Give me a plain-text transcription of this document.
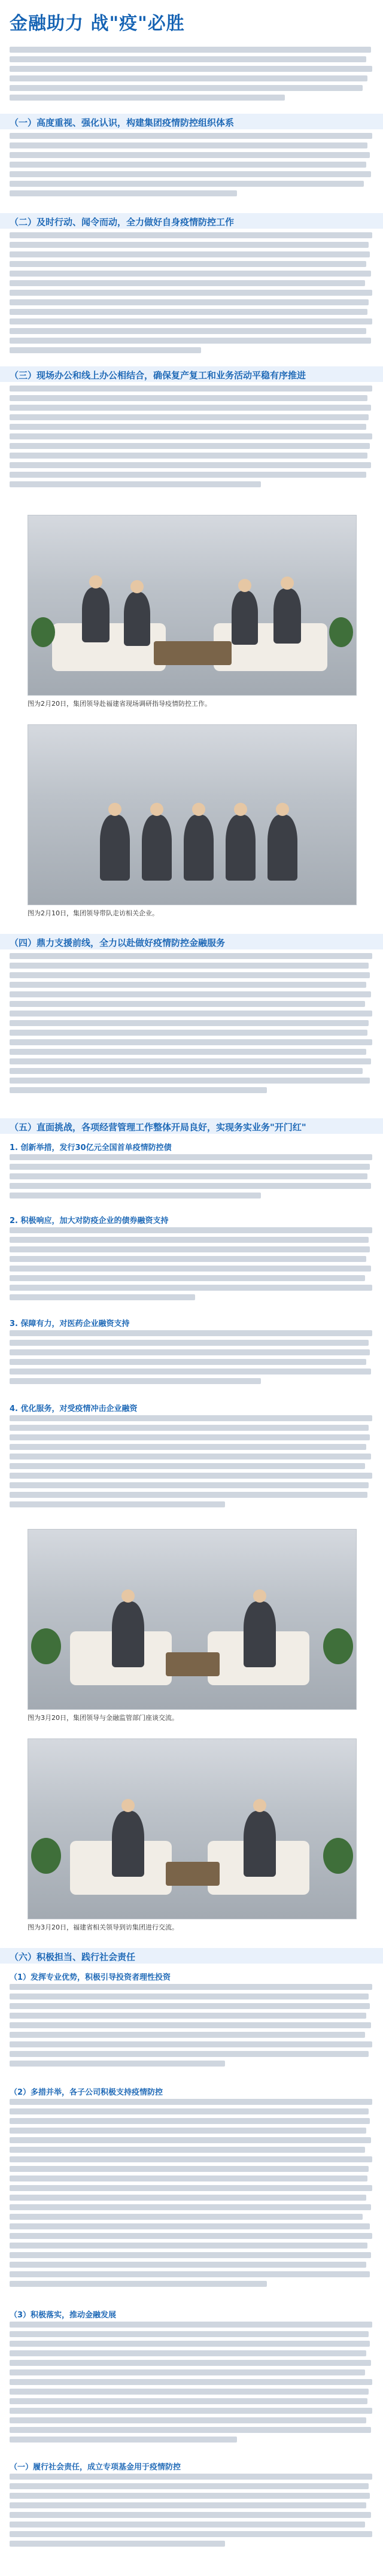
金融助力 战"疫"必胜
（一）高度重视、强化认识，构建集团疫情防控组织体系
（二）及时行动、闻令而动，全力做好自身疫情防控工作
（三）现场办公和线上办公相结合，确保复产复工和业务活动平稳有序推进
图为2月20日，集团领导赴福建省现场调研指导疫情防控工作。
图为2月10日，集团领导带队走访相关企业。
（四）鼎力支援前线，全力以赴做好疫情防控金融服务
（五）直面挑战，各项经营管理工作整体开局良好，实现务实业务"开门红"
1. 创新举措，发行30亿元全国首单疫情防控债
2. 积极响应，加大对防疫企业的债券融资支持
3. 保障有力，对医药企业融资支持
4. 优化服务，对受疫情冲击企业融资
图为3月20日，集团领导与金融监管部门座谈交流。
图为3月20日，福建省相关领导到访集团进行交流。
（六）积极担当、践行社会责任
（1）发挥专业优势，积极引导投资者理性投资
（2）多措并举，各子公司积极支持疫情防控
（3）积极落实，推动金融发展
（一）履行社会责任，成立专项基金用于疫情防控
